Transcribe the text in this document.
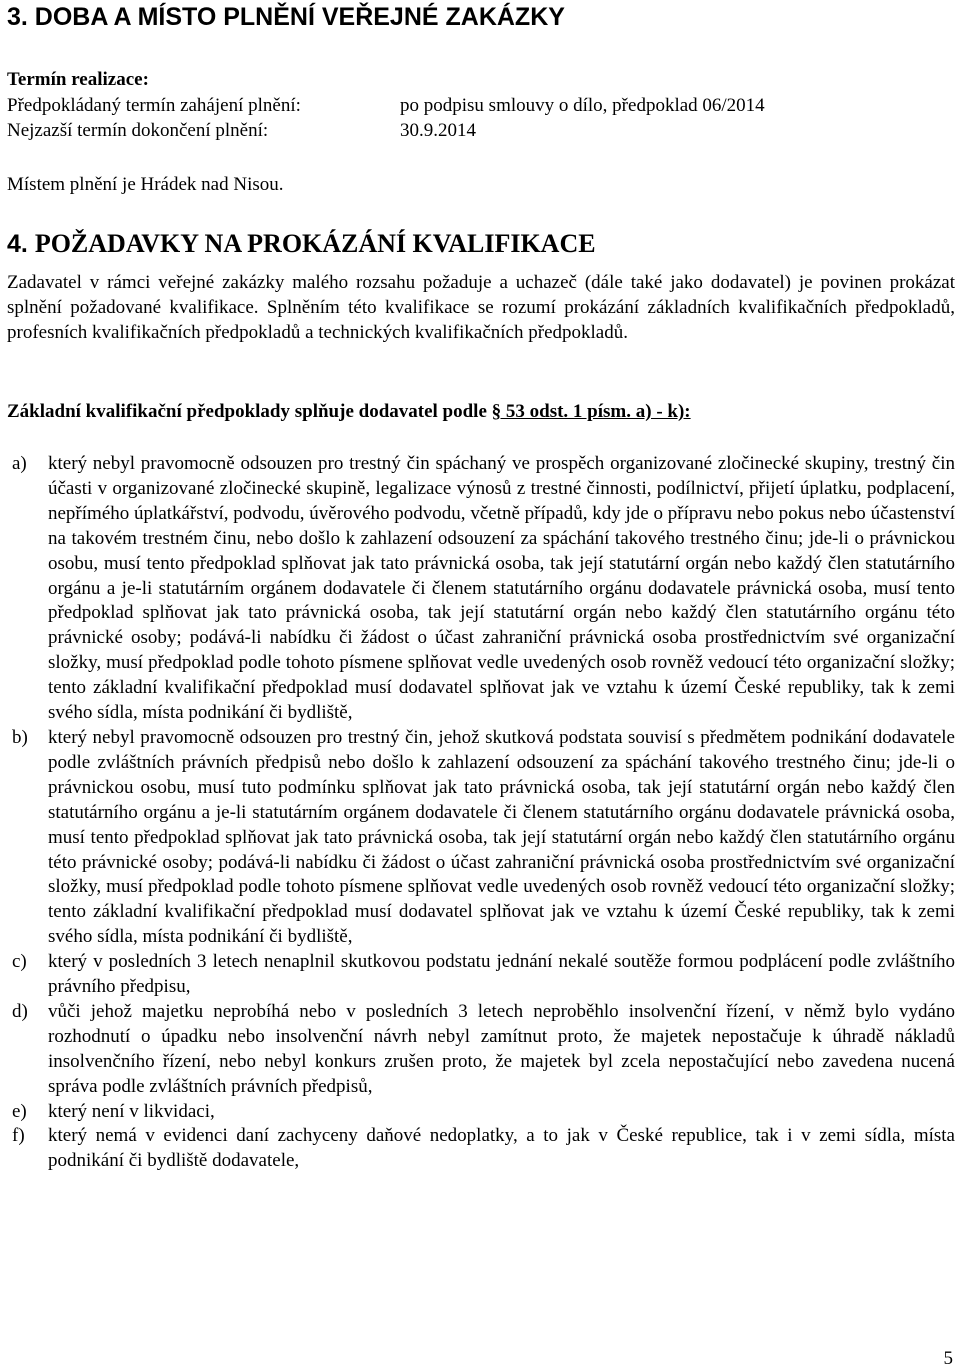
3. DOBA A MÍSTO PLNĚNÍ VEŘEJNÉ ZAKÁZKY
Termín realizace:
Předpokládaný termín zahájení plnění:	po podpisu smlouvy o dílo, předpoklad 06/2014
Nejzazší termín dokončení plnění:	30.9.2014
Místem plnění je Hrádek nad Nisou.
4. POŽADAVKY NA PROKÁZÁNÍ KVALIFIKACE
Zadavatel v rámci veřejné zakázky malého rozsahu požaduje a uchazeč (dále také jako dodavatel) je povinen prokázat splnění požadované kvalifikace. Splněním této kvalifikace se rozumí prokázání základních kvalifikačních předpokladů, profesních kvalifikačních předpokladů a technických kvalifikačních předpokladů.
Základní kvalifikační předpoklady splňuje dodavatel podle § 53 odst. 1 písm. a) - k):
a) který nebyl pravomocně odsouzen pro trestný čin spáchaný ve prospěch organizované zločinecké skupiny, trestný čin účasti v organizované zločinecké skupině, legalizace výnosů z trestné činnosti, podílnictví, přijetí úplatku, podplacení, nepřímého úplatkářství, podvodu, úvěrového podvodu, včetně případů, kdy jde o přípravu nebo pokus nebo účastenství na takovém trestném činu, nebo došlo k zahlazení odsouzení za spáchání takového trestného činu; jde-li o právnickou osobu, musí tento předpoklad splňovat jak tato právnická osoba, tak její statutární orgán nebo každý člen statutárního orgánu a je-li statutárním orgánem dodavatele či členem statutárního orgánu dodavatele právnická osoba, musí tento předpoklad splňovat jak tato právnická osoba, tak její statutární orgán nebo každý člen statutárního orgánu této právnické osoby; podává-li nabídku či žádost o účast zahraniční právnická osoba prostřednictvím své organizační složky, musí předpoklad podle tohoto písmene splňovat vedle uvedených osob rovněž vedoucí této organizační složky; tento základní kvalifikační předpoklad musí dodavatel splňovat jak ve vztahu k území České republiky, tak k zemi svého sídla, místa podnikání či bydliště,
b) který nebyl pravomocně odsouzen pro trestný čin, jehož skutková podstata souvisí s předmětem podnikání dodavatele podle zvláštních právních předpisů nebo došlo k zahlazení odsouzení za spáchání takového trestného činu; jde-li o právnickou osobu, musí tuto podmínku splňovat jak tato právnická osoba, tak její statutární orgán nebo každý člen statutárního orgánu a je-li statutárním orgánem dodavatele či členem statutárního orgánu dodavatele právnická osoba, musí tento předpoklad splňovat jak tato právnická osoba, tak její statutární orgán nebo každý člen statutárního orgánu této právnické osoby; podává-li nabídku či žádost o účast zahraniční právnická osoba prostřednictvím své organizační složky, musí předpoklad podle tohoto písmene splňovat vedle uvedených osob rovněž vedoucí této organizační složky; tento základní kvalifikační předpoklad musí dodavatel splňovat jak ve vztahu k území České republiky, tak k zemi svého sídla, místa podnikání či bydliště,
c) který v posledních 3 letech nenaplnil skutkovou podstatu jednání nekalé soutěže formou podplácení podle zvláštního právního předpisu,
d) vůči jehož majetku neprobíhá nebo v posledních 3 letech neproběhlo insolvenční řízení, v němž bylo vydáno rozhodnutí o úpadku nebo insolvenční návrh nebyl zamítnut proto, že majetek nepostačuje k úhradě nákladů insolvenčního řízení, nebo nebyl konkurs zrušen proto, že majetek byl zcela nepostačující nebo zavedena nucená správa podle zvláštních právních předpisů,
e) který není v likvidaci,
f) který nemá v evidenci daní zachyceny daňové nedoplatky, a to jak v České republice, tak i v zemi sídla, místa podnikání či bydliště dodavatele,
5
